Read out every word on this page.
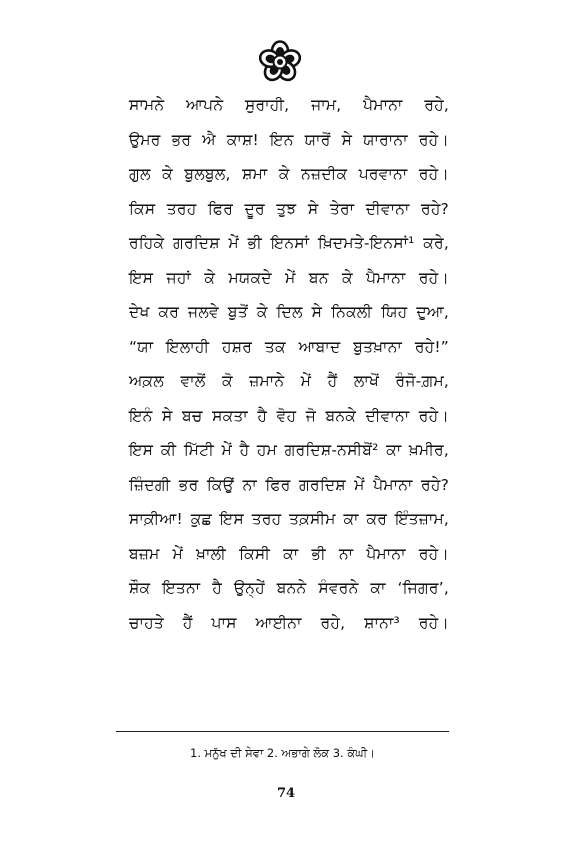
ਸਾਮਨੇ ਆਪਨੇ ਸੁਰਾਹੀ, ਜਾਮ, ਪੈਮਾਨਾ ਰਹੇ,
ਉਮਰ ਭਰ ਐ ਕਾਸ਼! ਇਨ ਯਾਰੋਂ ਸੇ ਯਾਰਾਨਾ ਰਹੇ।
ਗੁਲ ਕੇ ਬੁਲਬੁਲ, ਸ਼ਮਾ ਕੇ ਨਜ਼ਦੀਕ ਪਰਵਾਨਾ ਰਹੇ।
ਕਿਸ ਤਰਹ ਫਿਰ ਦੂਰ ਤੁਝ ਸੇ ਤੇਰਾ ਦੀਵਾਨਾ ਰਹੇ?
ਰਹਿਕੇ ਗਰਦਿਸ਼ ਮੇਂ ਭੀ ਇਨਸਾਂ ਖ਼ਿਦਮਤੇ-ਇਨਸਾਂ¹ ਕਰੇ,
ਇਸ ਜਹਾਂ ਕੇ ਮਯਕਦੇ ਮੇਂ ਬਨ ਕੇ ਪੈਮਾਨਾ ਰਹੇ।
ਦੇਖ ਕਰ ਜਲਵੇ ਬੁਤੋਂ ਕੇ ਦਿਲ ਸੇ ਨਿਕਲੀ ਯਿਹ ਦੁਆ,
“ਯਾ ਇਲਾਹੀ ਹਸ਼ਰ ਤਕ ਆਬਾਦ ਬੁਤਖ਼ਾਨਾ ਰਹੇ!”
ਅਕ਼ਲ ਵਾਲੋਂ ਕੋ ਜ਼ਮਾਨੇ ਮੇਂ ਹੈਂ ਲਾਖੋਂ ਰੰਜੋ-ਗ਼ਮ,
ਇਨੰ ਸੇ ਬਚ ਸਕਤਾ ਹੈ ਵੋਹ ਜੋ ਬਨਕੇ ਦੀਵਾਨਾ ਰਹੇ।
ਇਸ ਕੀ ਮਿੱਟੀ ਮੇਂ ਹੈ ਹਮ ਗਰਦਿਸ਼-ਨਸੀਬੋਂ² ਕਾ ਖ਼ਮੀਰ,
ਜ਼ਿੰਦਗੀ ਭਰ ਕਿਉਂ ਨਾ ਫਿਰ ਗਰਦਿਸ਼ ਮੇਂ ਪੈਮਾਨਾ ਰਹੇ?
ਸਾਕ਼ੀਆ! ਕੁਛ ਇਸ ਤਰਹ ਤਕ਼ਸੀਮ ਕਾ ਕਰ ਇੰਤਜ਼ਾਮ,
ਬਜ਼ਮ ਮੇਂ ਖ਼ਾਲੀ ਕਿਸੀ ਕਾ ਭੀ ਨਾ ਪੈਮਾਨਾ ਰਹੇ।
ਸ਼ੌਕ ਇਤਨਾ ਹੈ ਉਨ੍ਹੇਂ ਬਨਨੇ ਸੰਵਰਨੇ ਕਾ ‘ਜਿਗਰ’,
ਚਾਹਤੇ ਹੈਂ ਪਾਸ ਆਈਨਾ ਰਹੇ, ਸ਼ਾਨਾ³ ਰਹੇ।
1. ਮਨੁੱਖ ਦੀ ਸੇਵਾ 2. ਅਭਾਗੇ ਲੋਕ 3. ਕੰਘੀ।
74
